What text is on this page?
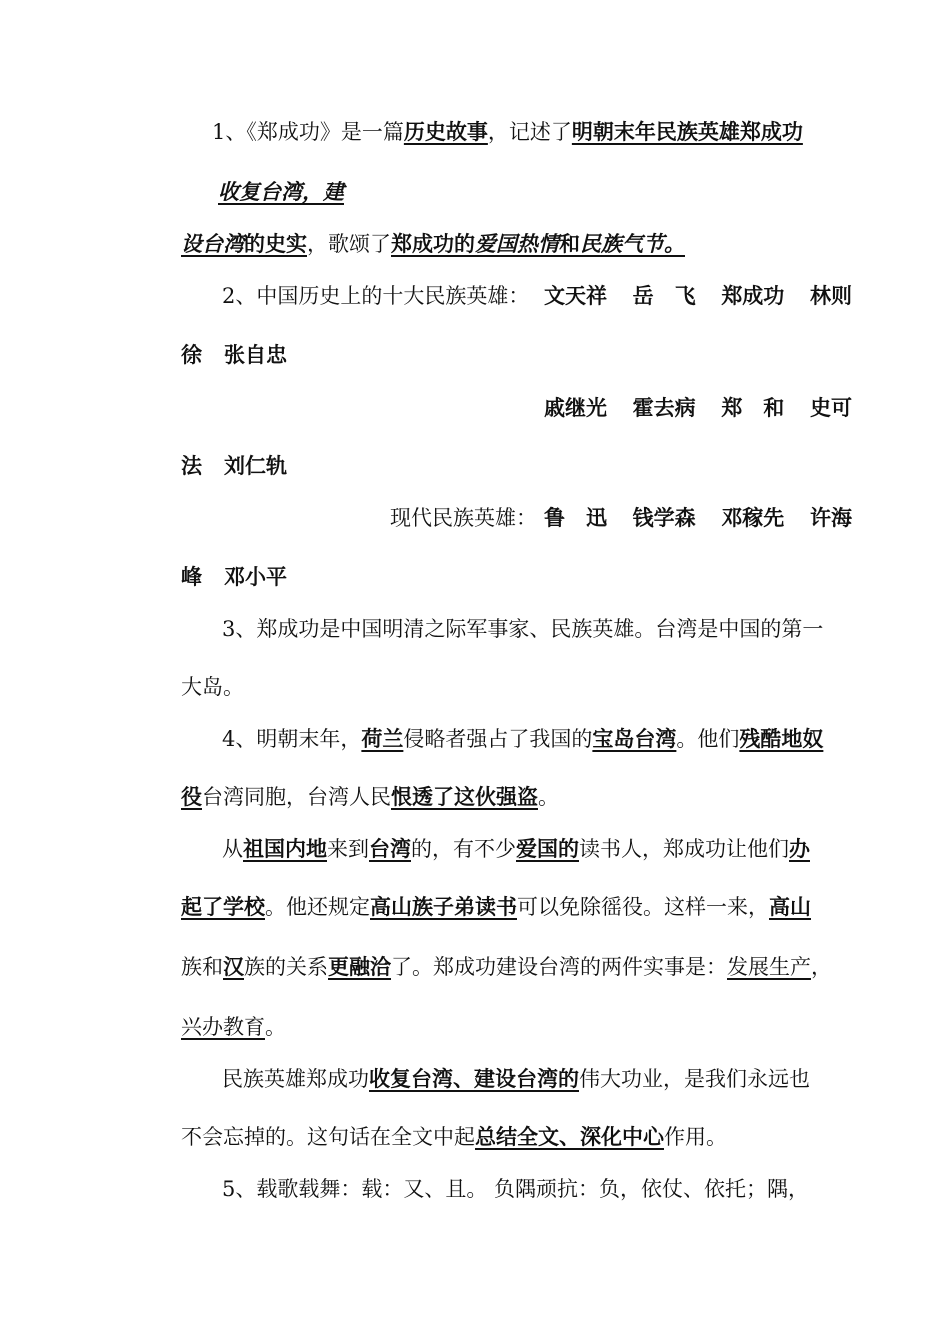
1、《郑成功》是一篇历史故事，记述了明朝末年民族英雄郑成功
收复台湾，建
设台湾的史实，歌颂了郑成功的爱国热情和民族气节。
2、中国历史上的十大民族英雄： 文天祥 岳　飞 郑成功 林则
徐 张自忠
戚继光 霍去病 郑　和 史可
法 刘仁轨
现代民族英雄： 鲁　迅 钱学森 邓稼先 许海
峰 邓小平
3、郑成功是中国明清之际军事家、民族英雄。台湾是中国的第一
大岛。
4、明朝末年，荷兰侵略者强占了我国的宝岛台湾。他们残酷地奴
役台湾同胞，台湾人民恨透了这伙强盗。
从祖国内地来到台湾的，有不少爱国的读书人，郑成功让他们办
起了学校。他还规定高山族子弟读书可以免除徭役。这样一来，高山
族和汉族的关系更融洽了。郑成功建设台湾的两件实事是：发展生产，
兴办教育。
民族英雄郑成功收复台湾、建设台湾的伟大功业，是我们永远也
不会忘掉的。这句话在全文中起总结全文、深化中心作用。
5、载歌载舞：载：又、且。 负隅顽抗：负，依仗、依托；隅，
